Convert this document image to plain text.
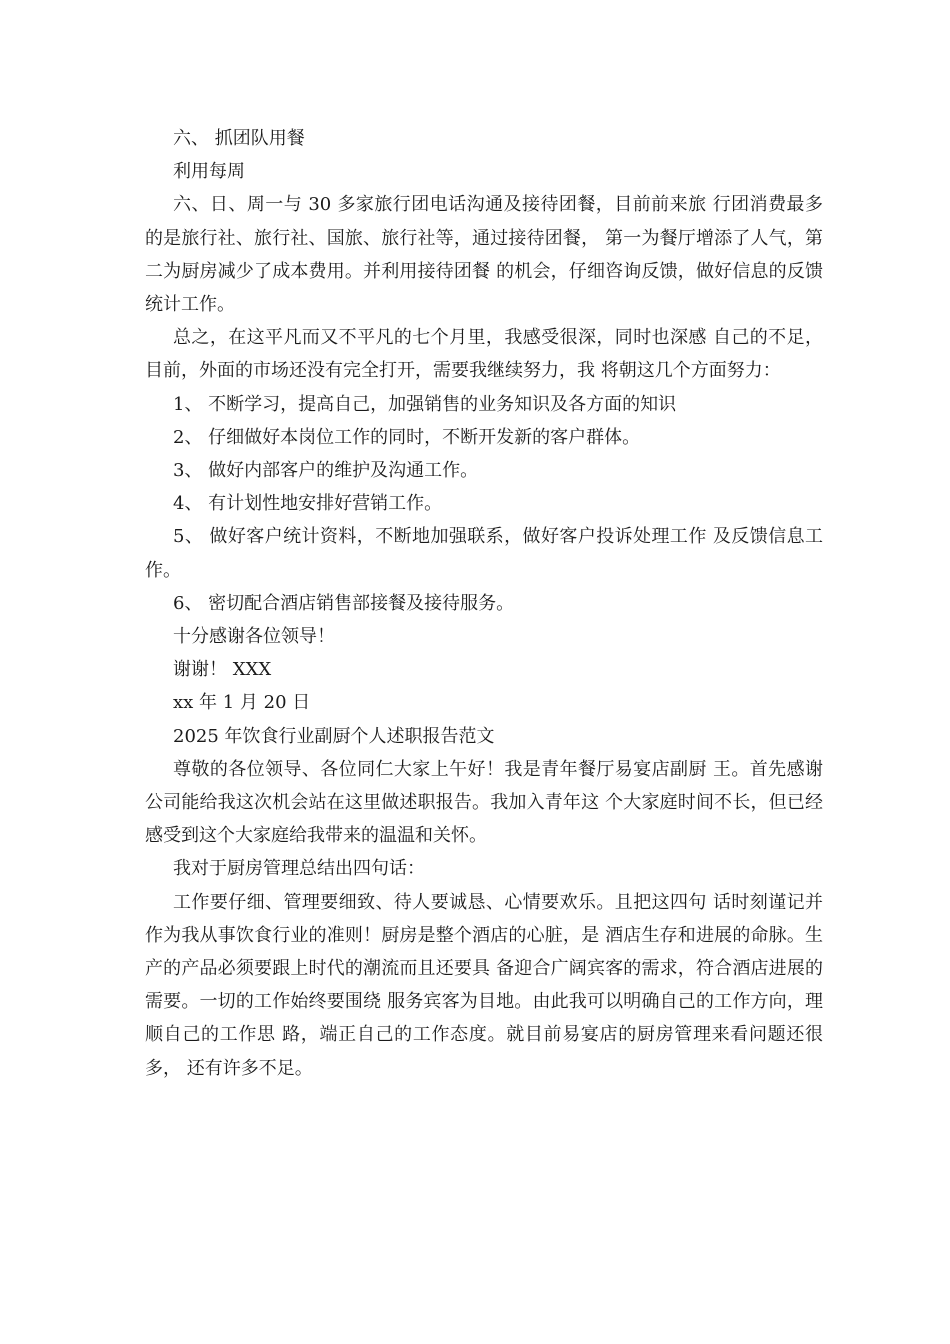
六、 抓团队用餐

利用每周

六、日、周一与 30 多家旅行团电话沟通及接待团餐，目前前来旅 行团消费最多的是旅行社、旅行社、国旅、旅行社等，通过接待团餐， 第一为餐厅增添了人气，第二为厨房减少了成本费用。并利用接待团餐 的机会，仔细咨询反馈，做好信息的反馈统计工作。

总之，在这平凡而又不平凡的七个月里，我感受很深，同时也深感 自己的不足，目前，外面的市场还没有完全打开，需要我继续努力，我 将朝这几个方面努力：

1、 不断学习，提高自己，加强销售的业务知识及各方面的知识

2、 仔细做好本岗位工作的同时，不断开发新的客户群体。

3、 做好内部客户的维护及沟通工作。

4、 有计划性地安排好营销工作。

5、 做好客户统计资料，不断地加强联系，做好客户投诉处理工作 及反馈信息工作。

6、 密切配合酒店销售部接餐及接待服务。

十分感谢各位领导！

谢谢！ XXX

xx 年 1 月 20 日

2025 年饮食行业副厨个人述职报告范文

尊敬的各位领导、各位同仁大家上午好！我是青年餐厅易宴店副厨 王。首先感谢公司能给我这次机会站在这里做述职报告。我加入青年这 个大家庭时间不长，但已经感受到这个大家庭给我带来的温温和关怀。

我对于厨房管理总结出四句话：

工作要仔细、管理要细致、待人要诚恳、心情要欢乐。且把这四句 话时刻谨记并作为我从事饮食行业的准则！厨房是整个酒店的心脏，是 酒店生存和进展的命脉。生产的产品必须要跟上时代的潮流而且还要具 备迎合广阔宾客的需求，符合酒店进展的需要。一切的工作始终要围绕 服务宾客为目地。由此我可以明确自己的工作方向，理顺自己的工作思 路，端正自己的工作态度。就目前易宴店的厨房管理来看问题还很多， 还有许多不足。
